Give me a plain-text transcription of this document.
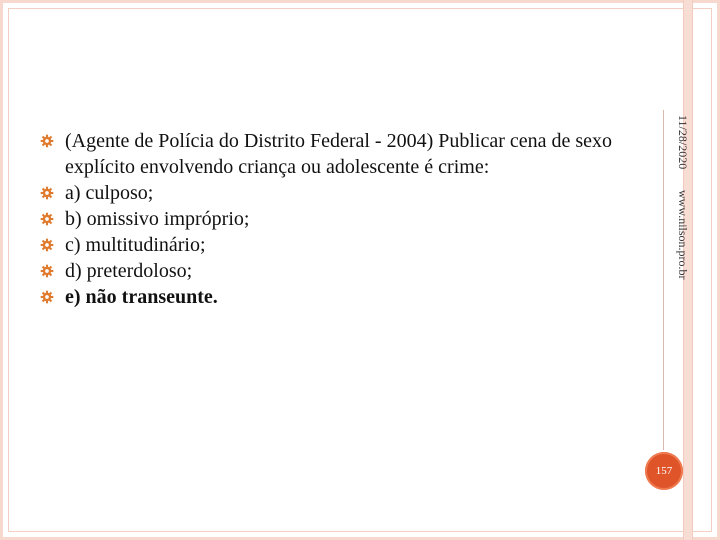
11/28/2020
www.nilson.pro.br
(Agente de Polícia do Distrito Federal - 2004) Publicar cena de sexo explícito envolvendo criança ou adolescente é crime:
a) culposo;
b) omissivo impróprio;
c) multitudinário;
d) preterdoloso;
e) não transeunte.
157
